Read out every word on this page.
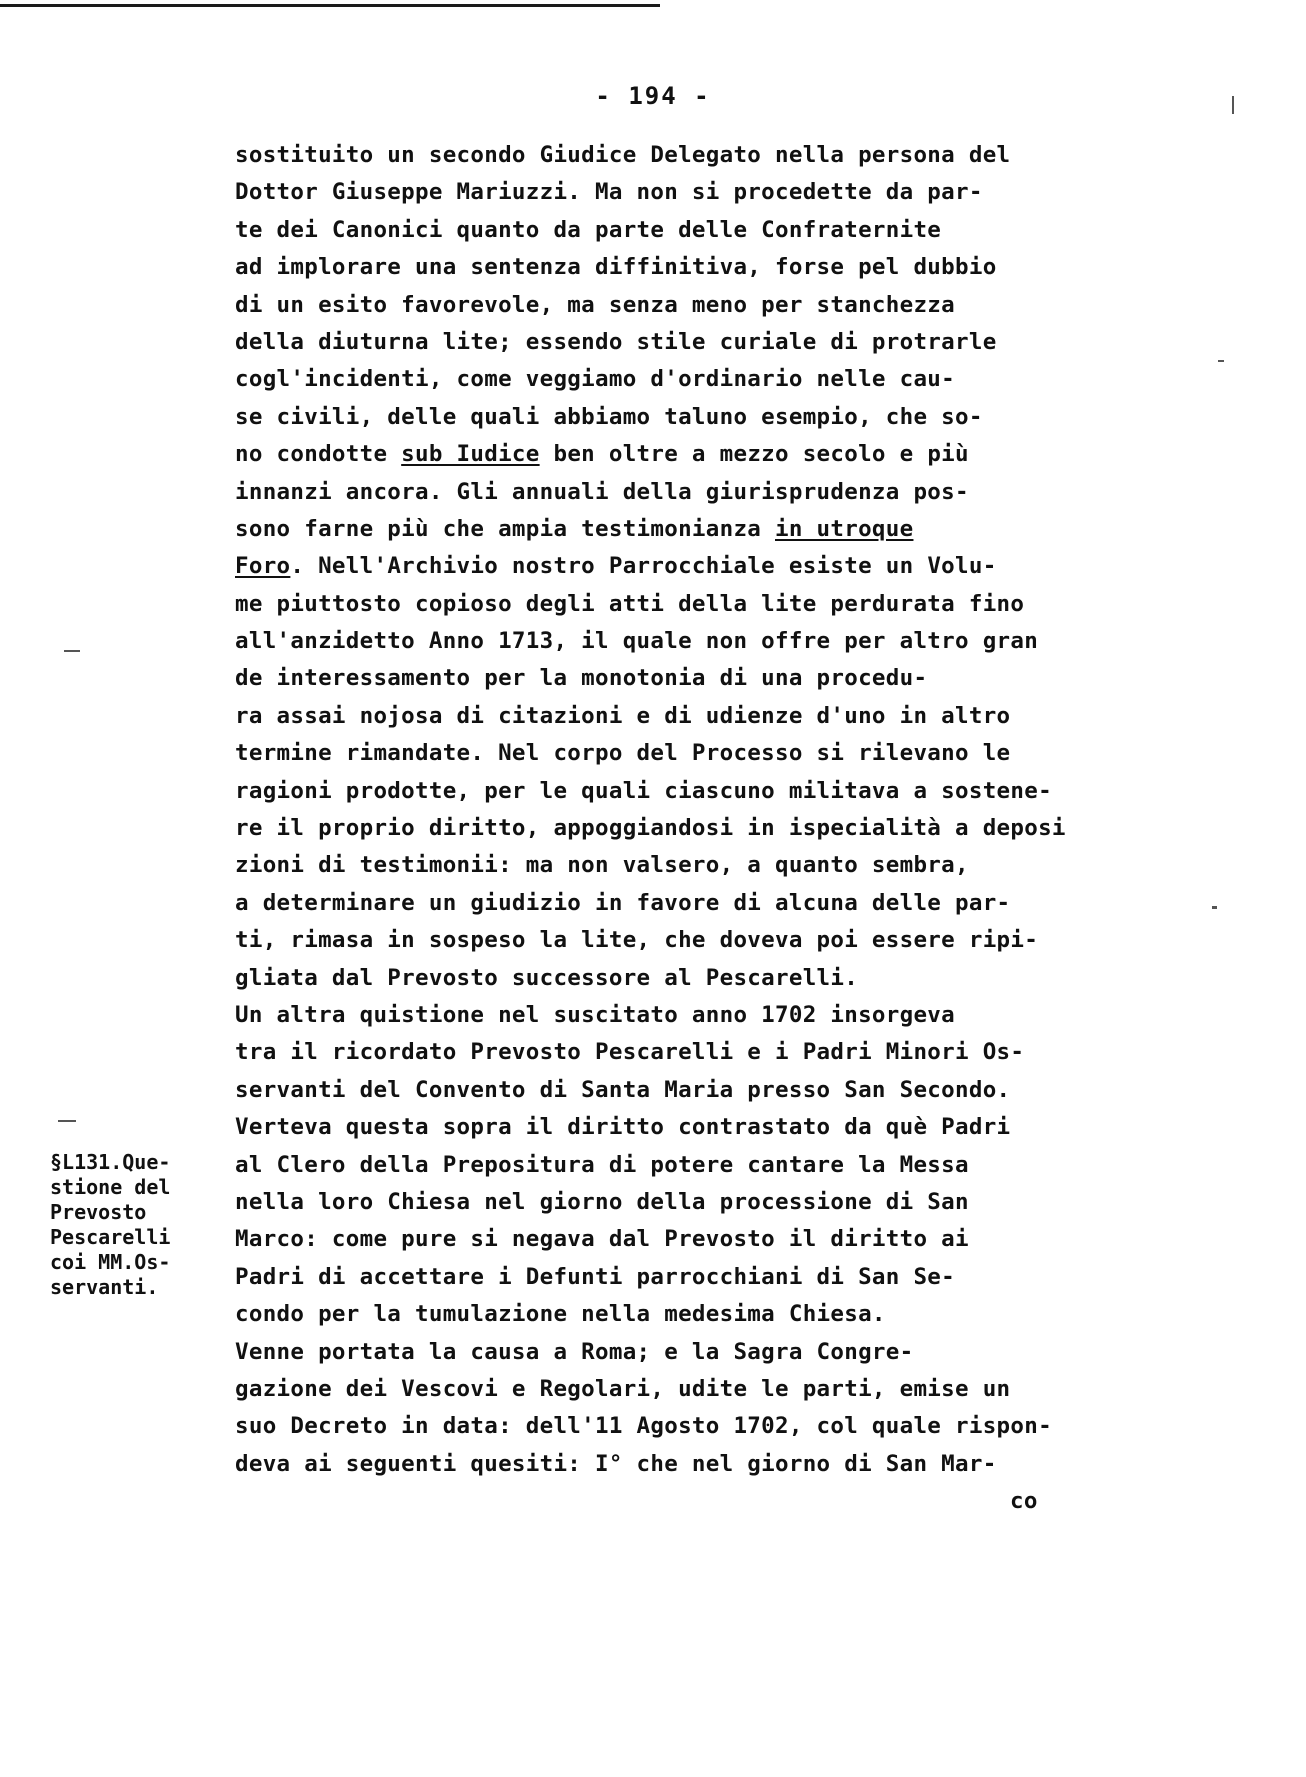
- 194 -
sostituito un secondo Giudice Delegato nella persona del
Dottor Giuseppe Mariuzzi. Ma non si procedette da par-
te dei Canonici quanto da parte delle Confraternite
ad implorare una sentenza diffinitiva, forse pel dubbio
di un esito favorevole, ma senza meno per stanchezza
della diuturna lite; essendo stile curiale di protrarle
cogl'incidenti, come veggiamo d'ordinario nelle cau-
se civili, delle quali abbiamo taluno esempio, che so-
no condotte sub Iudice ben oltre a mezzo secolo e più
innanzi ancora. Gli annuali della giurisprudenza pos-
sono farne più che ampia testimonianza in utroque
Foro. Nell'Archivio nostro Parrocchiale esiste un Volu-
me piuttosto copioso degli atti della lite perdurata fino
all'anzidetto Anno 1713, il quale non offre per altro gran
de interessamento per la monotonia di una procedu-
ra assai nojosa di citazioni e di udienze d'uno in altro
termine rimandate. Nel corpo del Processo si rilevano le
ragioni prodotte, per le quali ciascuno militava a sostene-
re il proprio diritto, appoggiandosi in ispecialità a deposi
zioni di testimonii: ma non valsero, a quanto sembra,
a determinare un giudizio in favore di alcuna delle par-
ti, rimasa in sospeso la lite, che doveva poi essere ripi-
gliata dal Prevosto successore al Pescarelli.
Un altra quistione nel suscitato anno 1702 insorgeva
tra il ricordato Prevosto Pescarelli e i Padri Minori Os-
servanti del Convento di Santa Maria presso San Secondo.
Verteva questa sopra il diritto contrastato da què Padri
al Clero della Prepositura di potere cantare la Messa
nella loro Chiesa nel giorno della processione di San
Marco: come pure si negava dal Prevosto il diritto ai
Padri di accettare i Defunti parrocchiani di San Se-
condo per la tumulazione nella medesima Chiesa.
Venne portata la causa a Roma; e la Sagra Congre-
gazione dei Vescovi e Regolari, udite le parti, emise un
suo Decreto in data: dell'11 Agosto 1702, col quale rispon-
deva ai seguenti quesiti: I° che nel giorno di San Mar-
co
§L131.Que-
stione del
Prevosto
Pescarelli
coi MM.Os-
servanti.
